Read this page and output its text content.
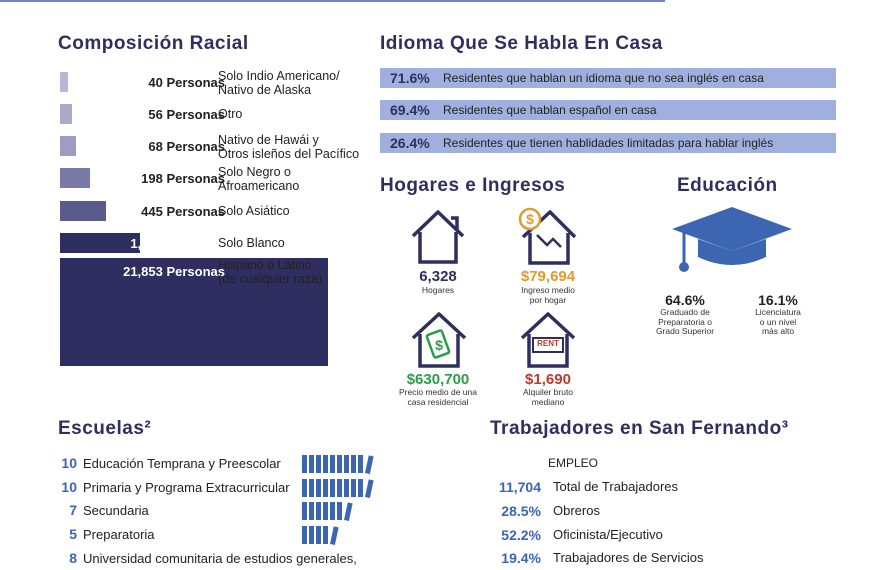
Composición Racial
40 Personas
Solo Indio Americano/
Nativo de Alaska
56 Personas
Otro
68 Personas
Nativo de Hawái y
Otros isleños del Pacífico
198 Personas
Solo Negro o
Afroamericano
445 Personas
Solo Asiático
1,056 Personas
Solo Blanco
21,853 Personas
Hispano o Latino
(de cualquier raza)
Idioma Que Se Habla En Casa
71.6% Residentes que hablan un idioma que no sea inglés en casa
69.4% Residentes que hablan español en casa
26.4% Residentes que tienen hablidades limitadas para hablar inglés
Hogares e Ingresos
6,328
Hogares
$
$79,694
Ingreso medio
por hogar
$
$630,700
Precio medio de una
casa residencial
RENT
$1,690
Alquiler bruto
mediano
Educación
64.6%
Graduado de
Preparatoria o
Grado Superior
16.1%
Licenciatura
o un nivel
más alto
Escuelas²
10 Educación Temprana y Preescolar
10 Primaria y Programa Extracurricular
7 Secundaria
5 Preparatoria
8 Universidad comunitaria de estudios generales,
Trabajadores en San Fernando³
EMPLEO
11,704 Total de Trabajadores
28.5% Obreros
52.2% Oficinista/Ejecutivo
19.4% Trabajadores de Servicios
